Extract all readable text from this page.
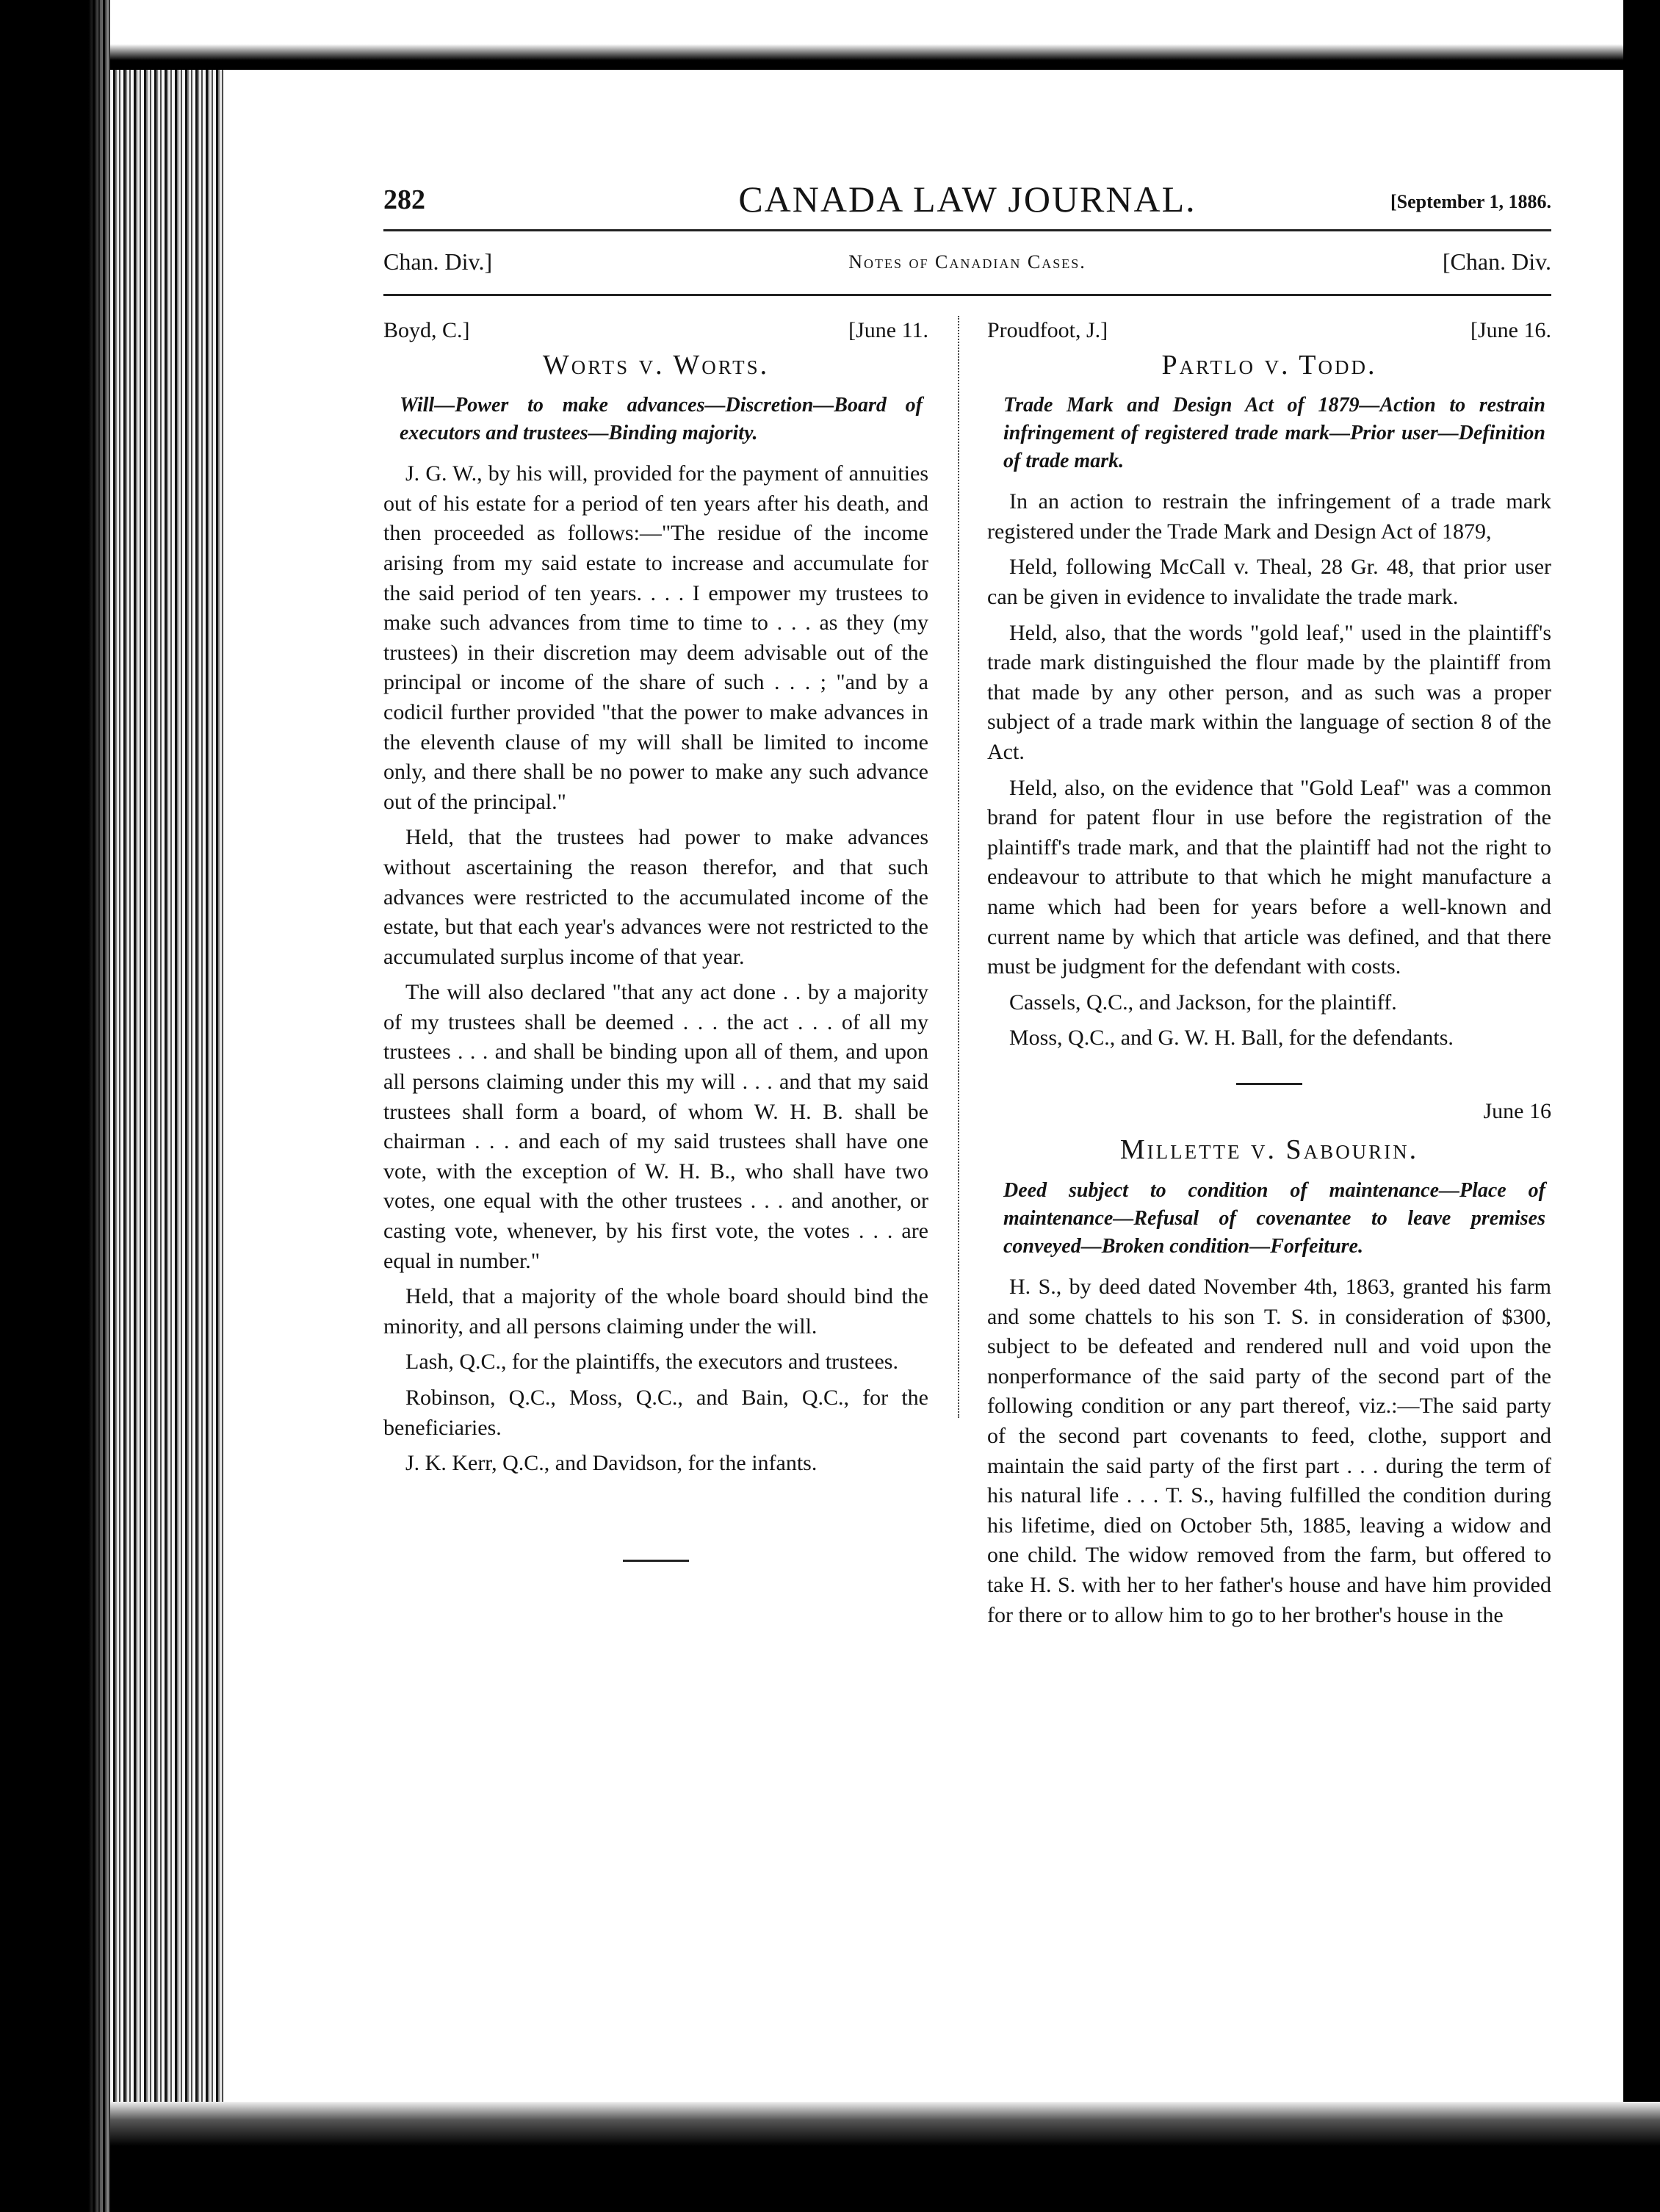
282	CANADA LAW JOURNAL.	[September 1, 1886.
Chan. Div.]	Notes of Canadian Cases.	[Chan. Div.
Boyd, C.]	[June 11.
Worts v. Worts.
Will—Power to make advances—Discretion—Board of executors and trustees—Binding majority.

J. G. W., by his will, provided for the payment of annuities out of his estate for a period of ten years after his death, and then proceeded as follows:—"The residue of the income arising from my said estate to increase and accumulate for the said period of ten years. . . . I empower my trustees to make such advances from time to time to . . . as they (my trustees) in their discretion may deem advisable out of the principal or income of the share of such . . . ; "and by a codicil further provided "that the power to make advances in the eleventh clause of my will shall be limited to income only, and there shall be no power to make any such advance out of the principal."

Held, that the trustees had power to make advances without ascertaining the reason therefor, and that such advances were restricted to the accumulated income of the estate, but that each year's advances were not restricted to the accumulated surplus income of that year.

The will also declared "that any act done . . by a majority of my trustees shall be deemed . . . the act . . . of all my trustees . . . and shall be binding upon all of them, and upon all persons claiming under this my will . . . and that my said trustees shall form a board, of whom W. H. B. shall be chairman . . . and each of my said trustees shall have one vote, with the exception of W. H. B., who shall have two votes, one equal with the other trustees . . . and another, or casting vote, whenever, by his first vote, the votes . . . are equal in number."

Held, that a majority of the whole board should bind the minority, and all persons claiming under the will.

Lash, Q.C., for the plaintiffs, the executors and trustees.

Robinson, Q.C., Moss, Q.C., and Bain, Q.C., for the beneficiaries.

J. K. Kerr, Q.C., and Davidson, for the infants.

Proudfoot, J.]	[June 16.
Partlo v. Todd.
Trade Mark and Design Act of 1879—Action to restrain infringement of registered trade mark—Prior user—Definition of trade mark.

In an action to restrain the infringement of a trade mark registered under the Trade Mark and Design Act of 1879,

Held, following McCall v. Theal, 28 Gr. 48, that prior user can be given in evidence to invalidate the trade mark.

Held, also, that the words "gold leaf," used in the plaintiff's trade mark distinguished the flour made by the plaintiff from that made by any other person, and as such was a proper subject of a trade mark within the language of section 8 of the Act.

Held, also, on the evidence that "Gold Leaf" was a common brand for patent flour in use before the registration of the plaintiff's trade mark, and that the plaintiff had not the right to endeavour to attribute to that which he might manufacture a name which had been for years before a well-known and current name by which that article was defined, and that there must be judgment for the defendant with costs.

Cassels, Q.C., and Jackson, for the plaintiff.

Moss, Q.C., and G. W. H. Ball, for the defendants.

June 16
Millette v. Sabourin.
Deed subject to condition of maintenance—Place of maintenance—Refusal of covenantee to leave premises conveyed—Broken condition—Forfeiture.

H. S., by deed dated November 4th, 1863, granted his farm and some chattels to his son T. S. in consideration of $300, subject to be defeated and rendered null and void upon the nonperformance of the said party of the second part of the following condition or any part thereof, viz.:—The said party of the second part covenants to feed, clothe, support and maintain the said party of the first part . . . during the term of his natural life . . . T. S., having fulfilled the condition during his lifetime, died on October 5th, 1885, leaving a widow and one child. The widow removed from the farm, but offered to take H. S. with her to her father's house and have him provided for there or to allow him to go to her brother's house in the
